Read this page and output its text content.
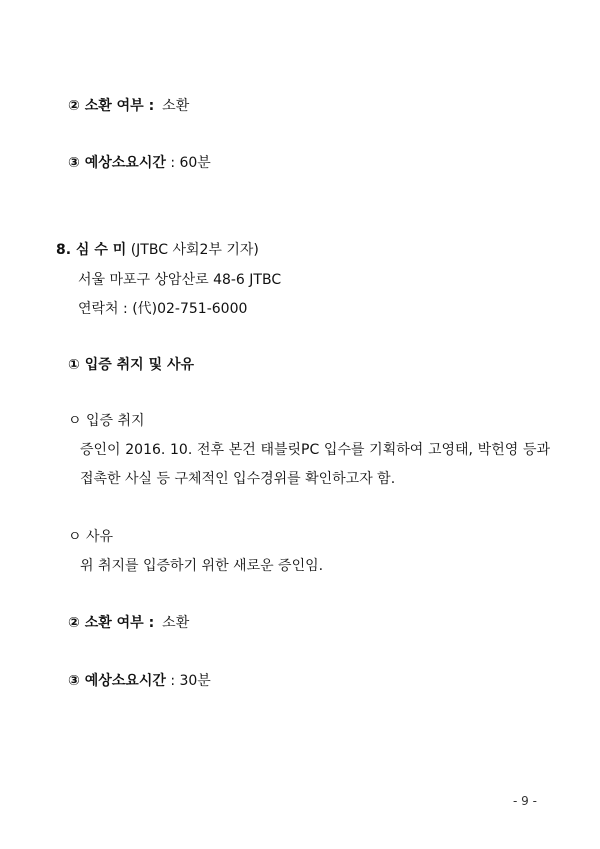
② 소환 여부 : 소환
③ 예상소요시간 : 60분
8. 심 수 미 (JTBC 사회2부 기자)
서울 마포구 상암산로 48-6 JTBC
연락처 : (代)02-751-6000
① 입증 취지 및 사유
ㅇ 입증 취지
증인이 2016. 10. 전후 본건 태블릿PC 입수를 기획하여 고영태, 박헌영 등과
접촉한 사실 등 구체적인 입수경위를 확인하고자 함.
ㅇ 사유
위 취지를 입증하기 위한 새로운 증인임.
② 소환 여부 : 소환
③ 예상소요시간 : 30분
- 9 -
